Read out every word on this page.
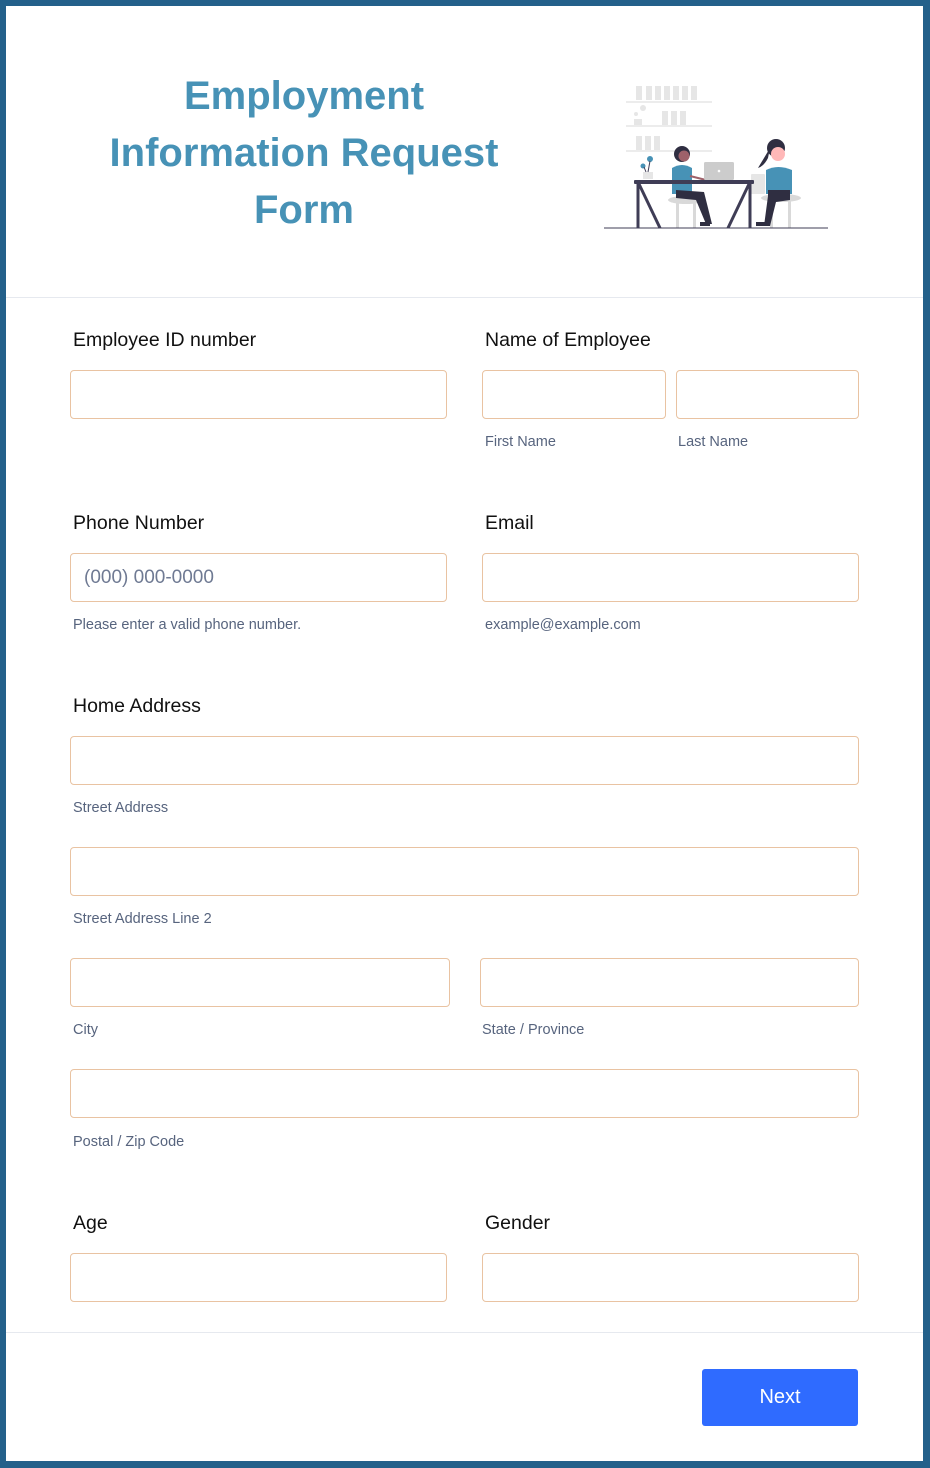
Employment
Information Request
Form
Employee ID number	Name of Employee
First Name	Last Name
Phone Number
(000) 000-0000
Please enter a valid phone number.
Email
example@example.com
Home Address
Street Address
Street Address Line 2
City	State / Province
Postal / Zip Code
Age	Gender
Next
